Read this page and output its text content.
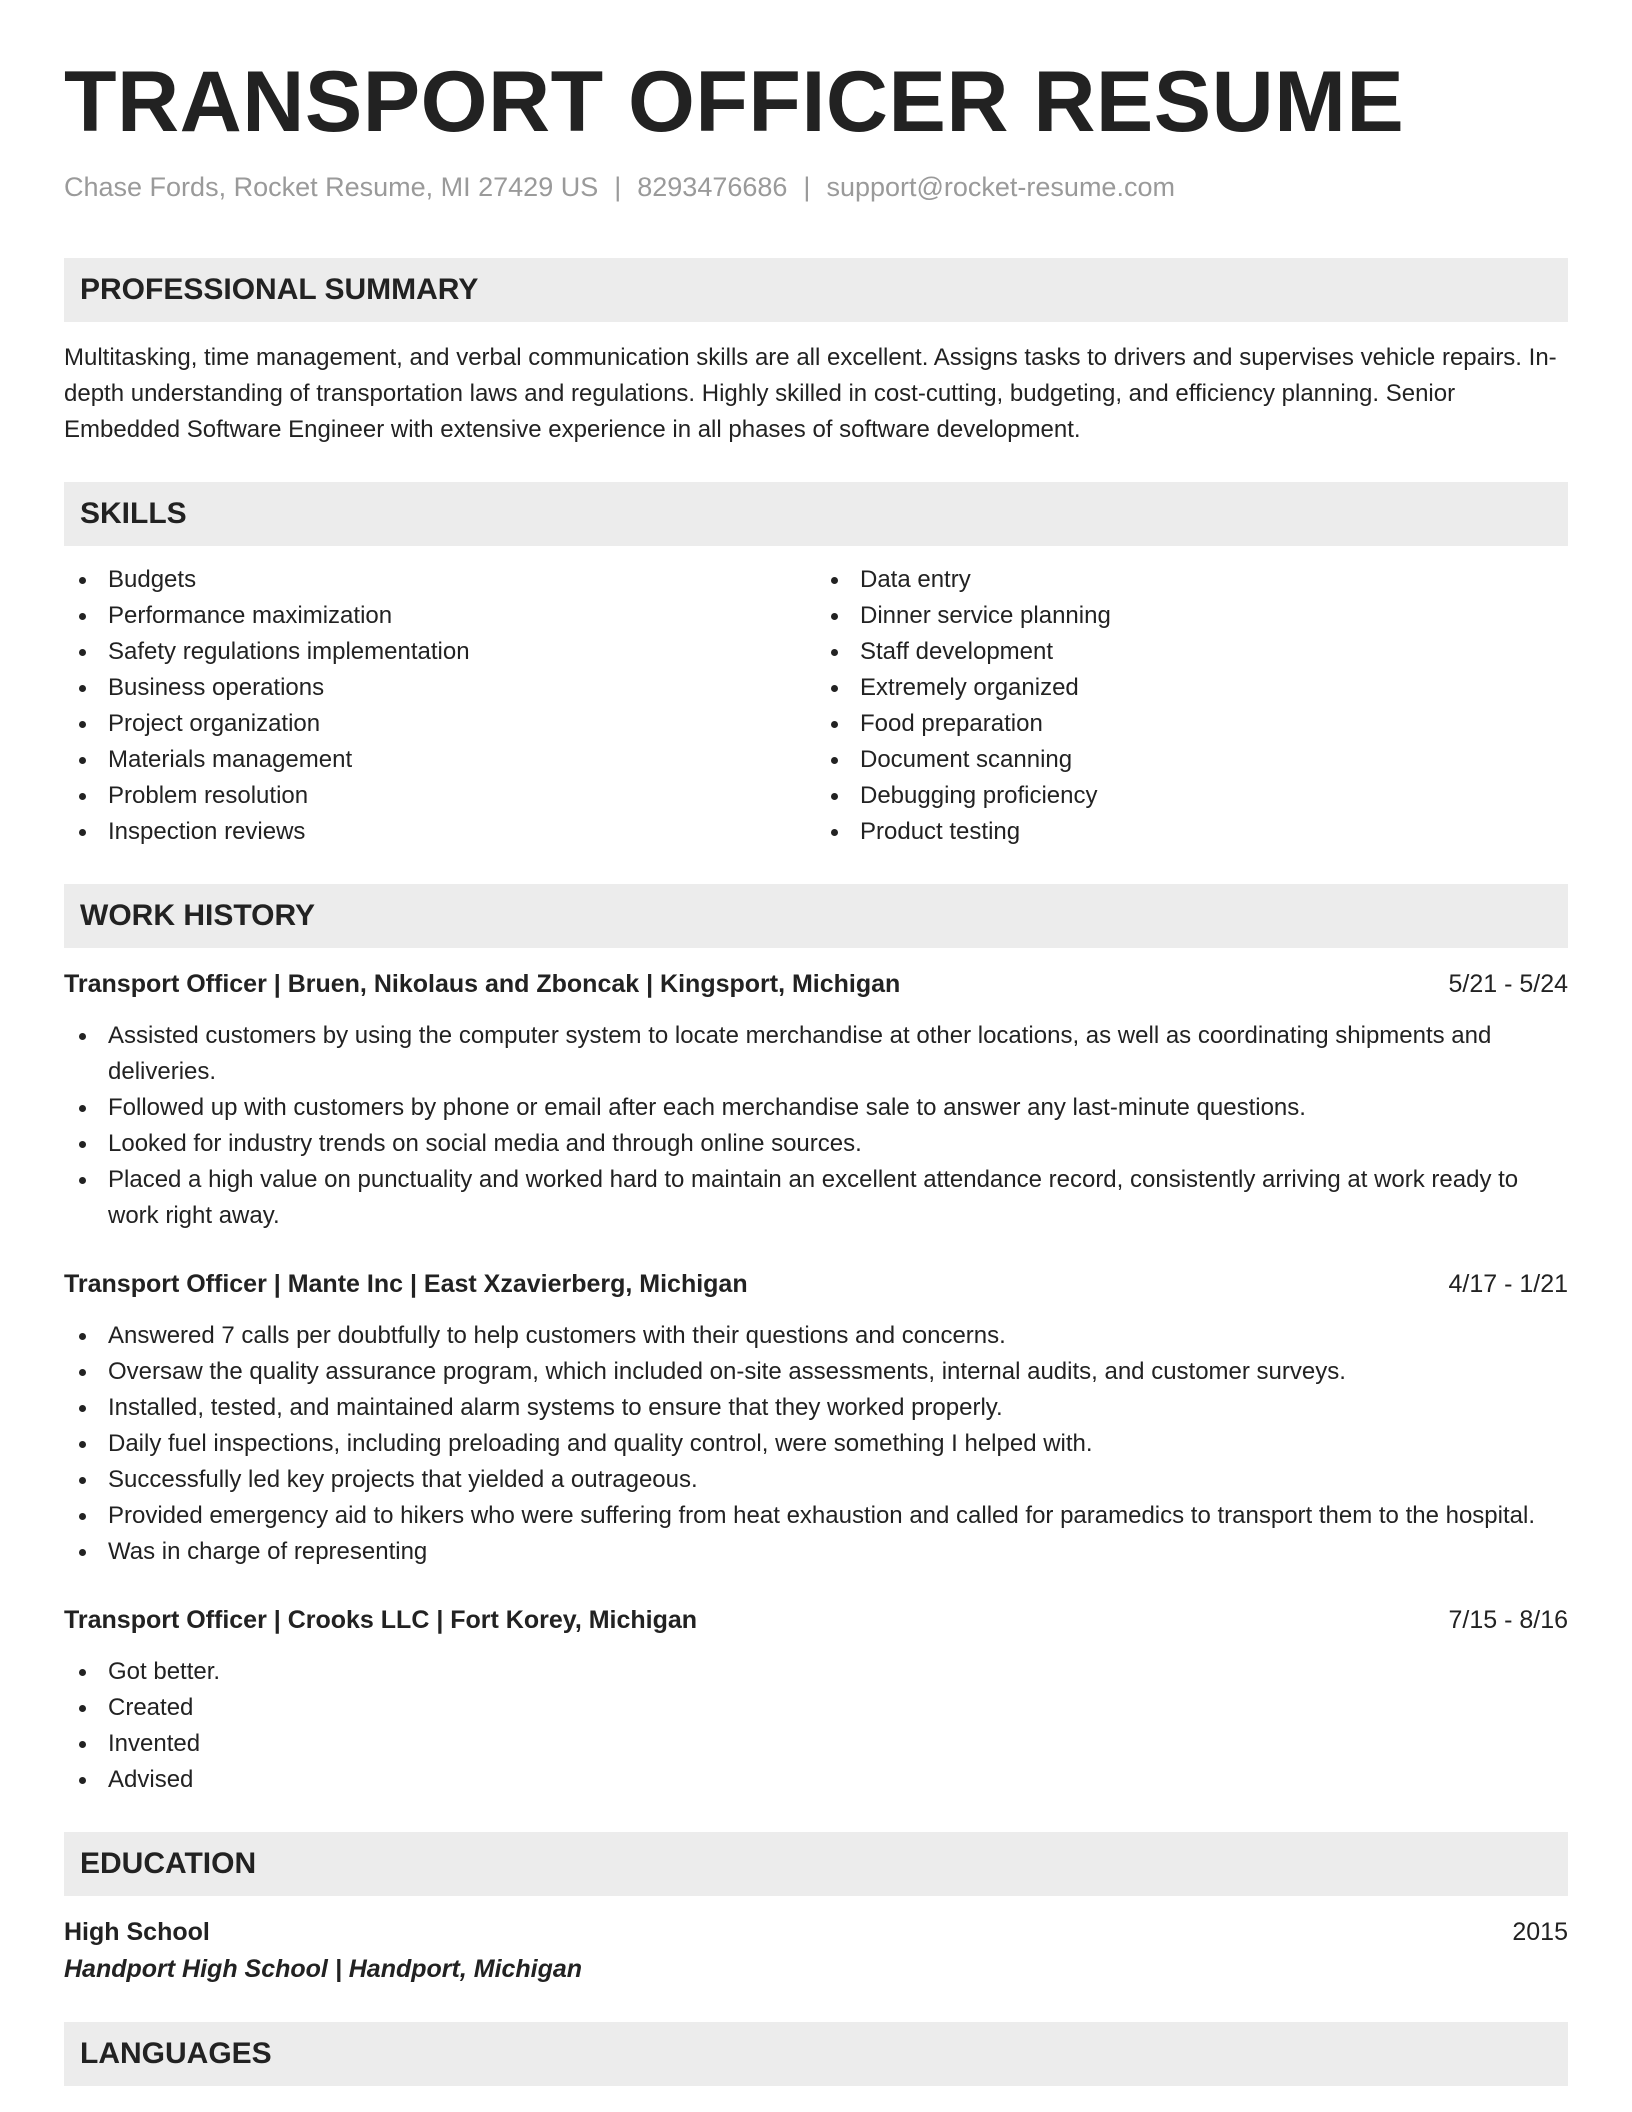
TRANSPORT OFFICER RESUME
Chase Fords, Rocket Resume, MI 27429 US | 8293476686 | support@rocket-resume.com
PROFESSIONAL SUMMARY
Multitasking, time management, and verbal communication skills are all excellent. Assigns tasks to drivers and supervises vehicle repairs. In-depth understanding of transportation laws and regulations. Highly skilled in cost-cutting, budgeting, and efficiency planning. Senior Embedded Software Engineer with extensive experience in all phases of software development.
SKILLS
Budgets
Performance maximization
Safety regulations implementation
Business operations
Project organization
Materials management
Problem resolution
Inspection reviews
Data entry
Dinner service planning
Staff development
Extremely organized
Food preparation
Document scanning
Debugging proficiency
Product testing
WORK HISTORY
Transport Officer | Bruen, Nikolaus and Zboncak | Kingsport, Michigan	5/21 - 5/24
Assisted customers by using the computer system to locate merchandise at other locations, as well as coordinating shipments and deliveries.
Followed up with customers by phone or email after each merchandise sale to answer any last-minute questions.
Looked for industry trends on social media and through online sources.
Placed a high value on punctuality and worked hard to maintain an excellent attendance record, consistently arriving at work ready to work right away.
Transport Officer | Mante Inc | East Xzavierberg, Michigan	4/17 - 1/21
Answered 7 calls per doubtfully to help customers with their questions and concerns.
Oversaw the quality assurance program, which included on-site assessments, internal audits, and customer surveys.
Installed, tested, and maintained alarm systems to ensure that they worked properly.
Daily fuel inspections, including preloading and quality control, were something I helped with.
Successfully led key projects that yielded a outrageous.
Provided emergency aid to hikers who were suffering from heat exhaustion and called for paramedics to transport them to the hospital.
Was in charge of representing
Transport Officer | Crooks LLC | Fort Korey, Michigan	7/15 - 8/16
Got better.
Created
Invented
Advised
EDUCATION
High School	2015
Handport High School | Handport, Michigan
LANGUAGES
